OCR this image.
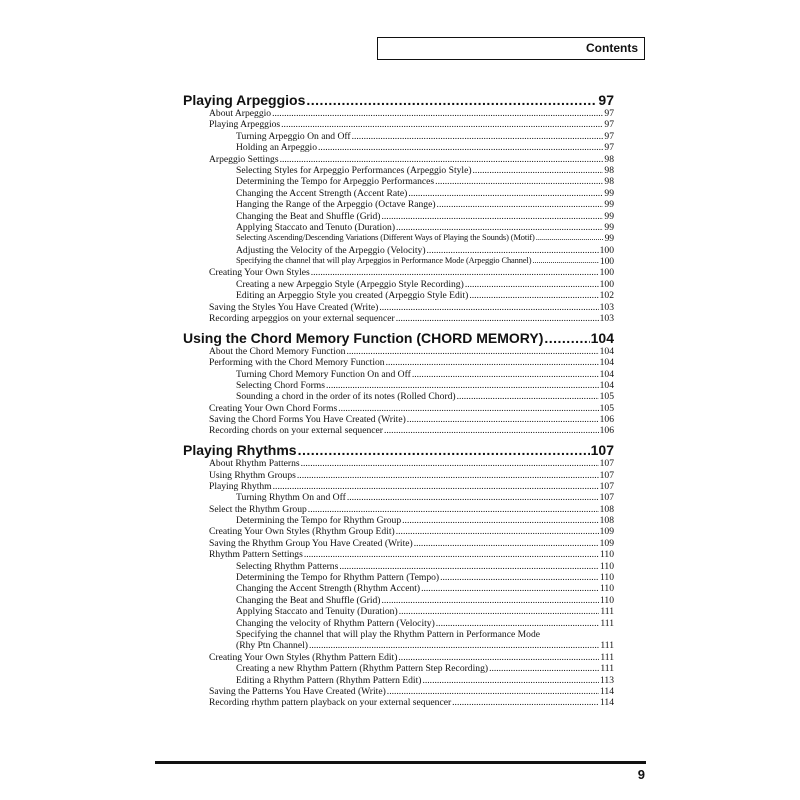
Contents
Playing Arpeggios .....	97
About Arpeggio .....	97
Playing Arpeggios .....	97
Turning Arpeggio On and Off .....	97
Holding an Arpeggio .....	97
Arpeggio Settings .....	98
Selecting Styles for Arpeggio Performances (Arpeggio Style) .....	98
Determining the Tempo for Arpeggio Performances .....	98
Changing the Accent Strength (Accent Rate) .....	99
Hanging the Range of the Arpeggio (Octave Range) .....	99
Changing the Beat and Shuffle (Grid) .....	99
Applying Staccato and Tenuto (Duration) .....	99
Selecting Ascending/Descending Variations (Different Ways of Playing the Sounds) (Motif) .....	99
Adjusting the Velocity of the Arpeggio (Velocity) .....	100
Specifying the channel that will play Arpeggios in Performance Mode (Arpeggio Channel) .....	100
Creating Your Own Styles .....	100
Creating a new Arpeggio Style (Arpeggio Style Recording) .....	100
Editing an Arpeggio Style you created (Arpeggio Style Edit) .....	102
Saving the Styles You Have Created (Write) .....	103
Recording arpeggios on your external sequencer .....	103
Using the Chord Memory Function (CHORD MEMORY) .....	104
About the Chord Memory Function .....	104
Performing with the Chord Memory Function .....	104
Turning Chord Memory Function On and Off .....	104
Selecting Chord Forms .....	104
Sounding a chord in the order of its notes (Rolled Chord) .....	105
Creating Your Own Chord Forms .....	105
Saving the Chord Forms You Have Created (Write) .....	106
Recording chords on your external sequencer .....	106
Playing Rhythms .....	107
About Rhythm Patterns .....	107
Using Rhythm Groups .....	107
Playing Rhythm .....	107
Turning Rhythm On and Off .....	107
Select the Rhythm Group .....	108
Determining the Tempo for Rhythm Group .....	108
Creating Your Own Styles (Rhythm Group Edit) .....	109
Saving the Rhythm Group You Have Created (Write) .....	109
Rhythm Pattern Settings .....	110
Selecting Rhythm Patterns .....	110
Determining the Tempo for Rhythm Pattern (Tempo) .....	110
Changing the Accent Strength (Rhythm Accent) .....	110
Changing the Beat and Shuffle (Grid) .....	110
Applying Staccato and Tenuity (Duration) .....	111
Changing the velocity of Rhythm Pattern (Velocity) .....	111
Specifying the channel that will play the Rhythm Pattern in Performance Mode
(Rhy Ptn Channel) .....	111
Creating Your Own Styles (Rhythm Pattern Edit) .....	111
Creating a new Rhythm Pattern (Rhythm Pattern Step Recording) .....	111
Editing a Rhythm Pattern (Rhythm Pattern Edit) .....	113
Saving the Patterns You Have Created (Write) .....	114
Recording rhythm pattern playback on your external sequencer .....	114
9
